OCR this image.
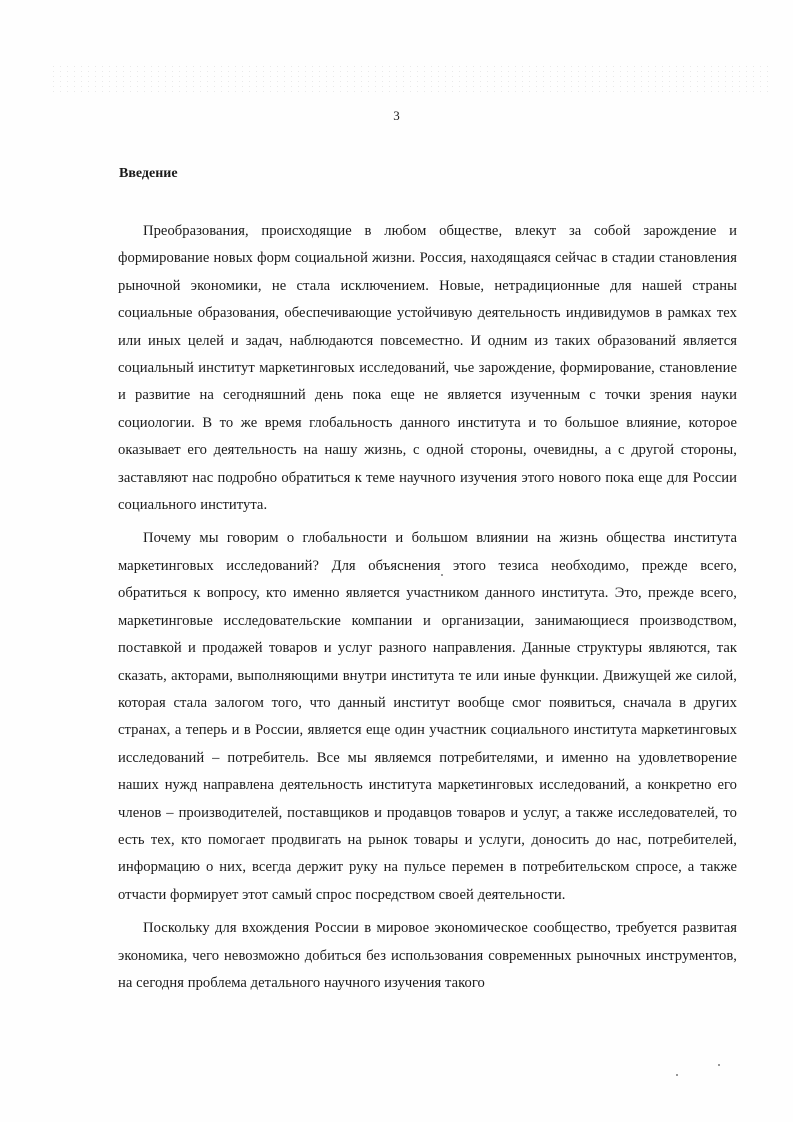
3
Введение

Преобразования, происходящие в любом обществе, влекут за собой зарождение и формирование новых форм социальной жизни. Россия, находящаяся сейчас в стадии становления рыночной экономики, не стала исключением. Новые, нетрадиционные для нашей страны социальные образования, обеспечивающие устойчивую деятельность индивидумов в рамках тех или иных целей и задач, наблюдаются повсеместно. И одним из таких образований является социальный институт маркетинговых исследований, чье зарождение, формирование, становление и развитие на сегодняшний день пока еще не является изученным с точки зрения науки социологии. В то же время глобальность данного института и то большое влияние, которое оказывает его деятельность на нашу жизнь, с одной стороны, очевидны, а с другой стороны, заставляют нас подробно обратиться к теме научного изучения этого нового пока еще для России социального института.

Почему мы говорим о глобальности и большом влиянии на жизнь общества института маркетинговых исследований? Для объяснения этого тезиса необходимо, прежде всего, обратиться к вопросу, кто именно является участником данного института. Это, прежде всего, маркетинговые исследовательские компании и организации, занимающиеся производством, поставкой и продажей товаров и услуг разного направления. Данные структуры являются, так сказать, акторами, выполняющими внутри института те или иные функции. Движущей же силой, которая стала залогом того, что данный институт вообще смог появиться, сначала в других странах, а теперь и в России, является еще один участник социального института маркетинговых исследований – потребитель. Все мы являемся потребителями, и именно на удовлетворение наших нужд направлена деятельность института маркетинговых исследований, а конкретно его членов – производителей, поставщиков и продавцов товаров и услуг, а также исследователей, то есть тех, кто помогает продвигать на рынок товары и услуги, доносить до нас, потребителей, информацию о них, всегда держит руку на пульсе перемен в потребительском спросе, а также отчасти формирует этот самый спрос посредством своей деятельности.

Поскольку для вхождения России в мировое экономическое сообщество, требуется развитая экономика, чего невозможно добиться без использования современных рыночных инструментов, на сегодня проблема детального научного изучения такого
